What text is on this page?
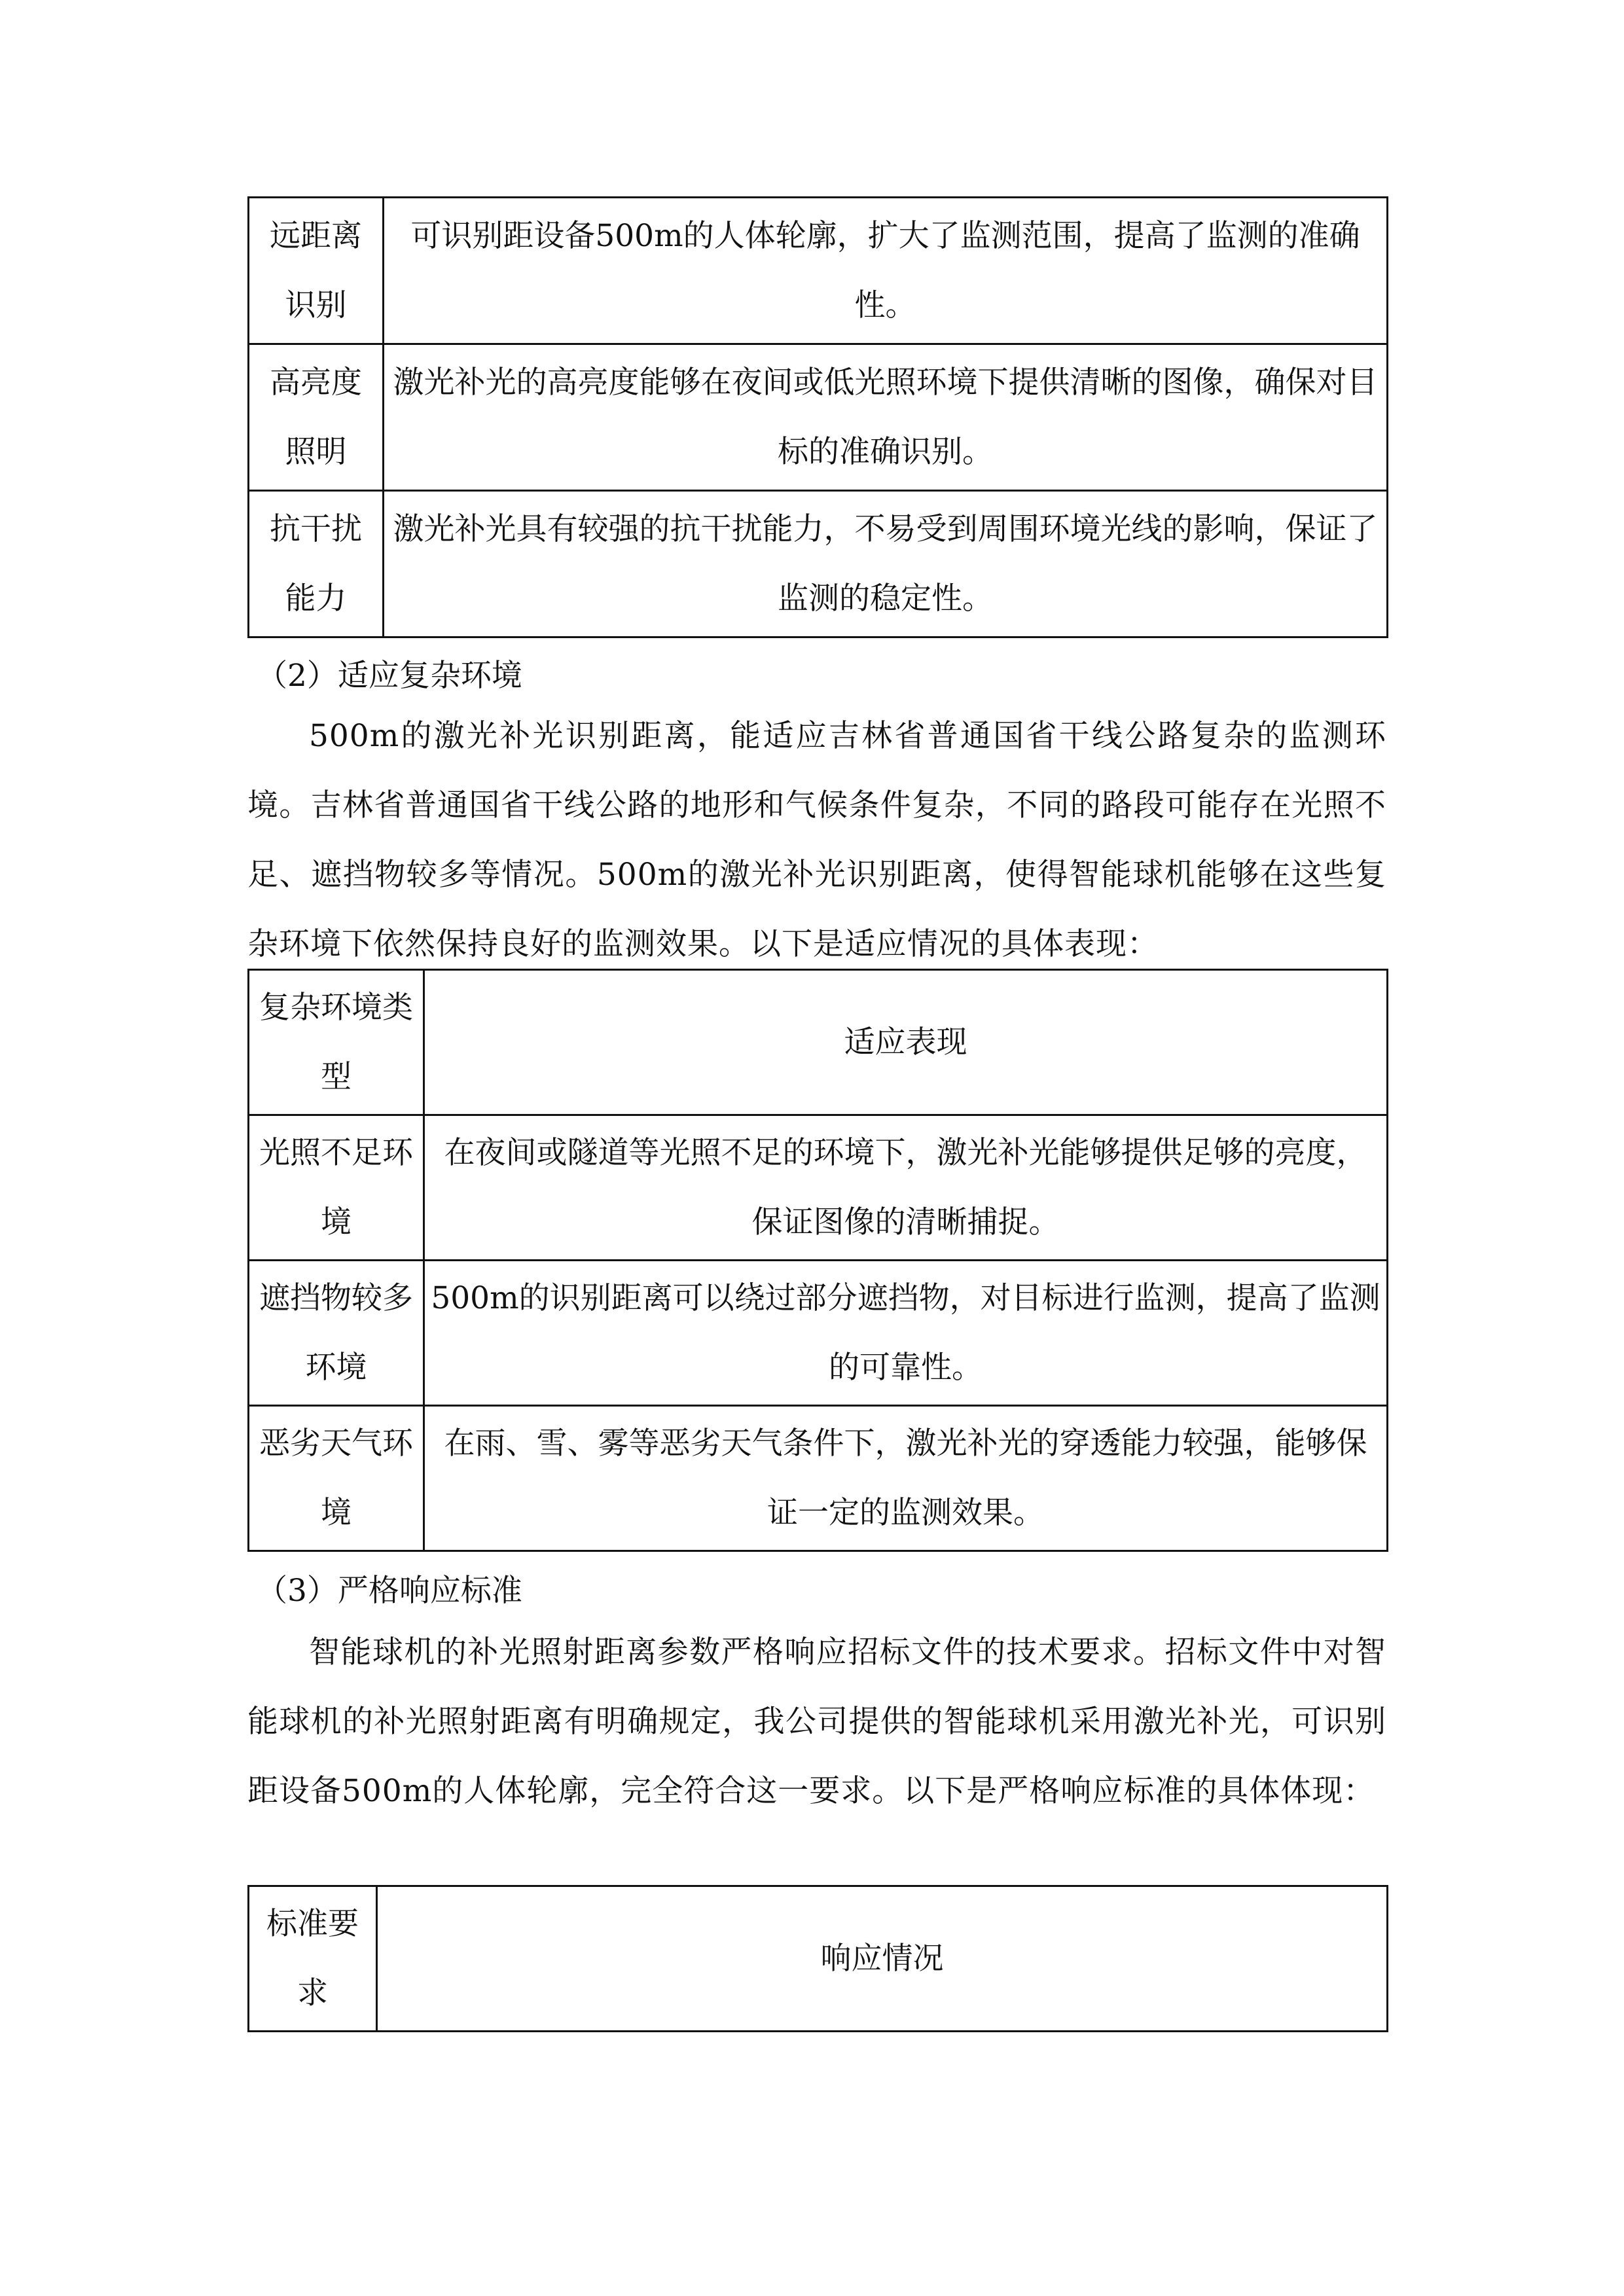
远距离识别	可识别距设备500m的人体轮廓，扩大了监测范围，提高了监测的准确性。
高亮度照明	激光补光的高亮度能够在夜间或低光照环境下提供清晰的图像，确保对目标的准确识别。
抗干扰能力	激光补光具有较强的抗干扰能力，不易受到周围环境光线的影响，保证了监测的稳定性。
（2）适应复杂环境
500m的激光补光识别距离，能适应吉林省普通国省干线公路复杂的监测环境。吉林省普通国省干线公路的地形和气候条件复杂，不同的路段可能存在光照不足、遮挡物较多等情况。500m的激光补光识别距离，使得智能球机能够在这些复杂环境下依然保持良好的监测效果。以下是适应情况的具体表现：
复杂环境类型	适应表现
光照不足环境	在夜间或隧道等光照不足的环境下，激光补光能够提供足够的亮度，保证图像的清晰捕捉。
遮挡物较多环境	500m的识别距离可以绕过部分遮挡物，对目标进行监测，提高了监测的可靠性。
恶劣天气环境	在雨、雪、雾等恶劣天气条件下，激光补光的穿透能力较强，能够保证一定的监测效果。
（3）严格响应标准
智能球机的补光照射距离参数严格响应招标文件的技术要求。招标文件中对智能球机的补光照射距离有明确规定，我公司提供的智能球机采用激光补光，可识别距设备500m的人体轮廓，完全符合这一要求。以下是严格响应标准的具体体现：
标准要求	响应情况
